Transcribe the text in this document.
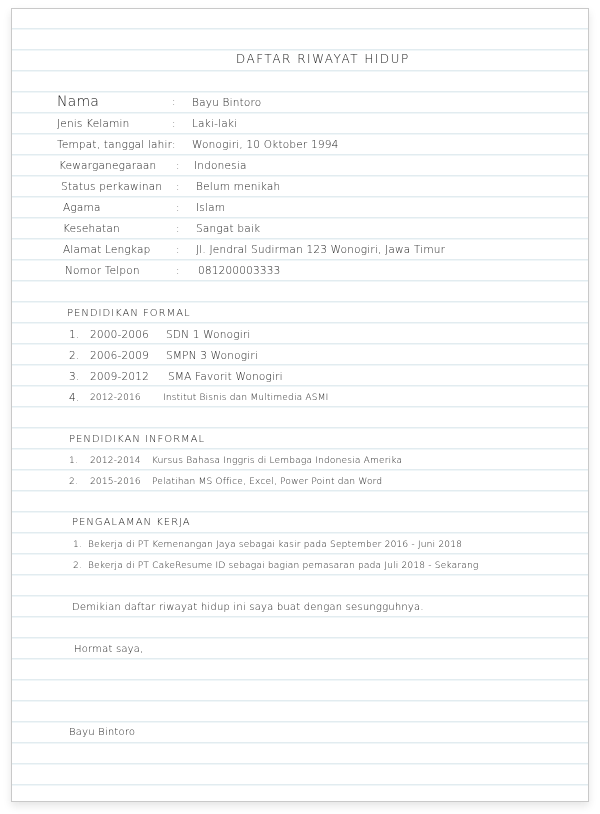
DAFTAR RIWAYAT HIDUP
Nama	: Bayu Bintoro
Jenis Kelamin	: Laki-laki
Tempat, tanggal lahir : Wonogiri, 10 Oktober 1994
Kewarganegaraan : Indonesia
Status perkawinan : Belum menikah
Agama	: Islam
Kesehatan	: Sangat baik
Alamat Lengkap : Jl. Jendral Sudirman 123 Wonogiri, Jawa Timur
Nomor Telpon	: 081200003333
PENDIDIKAN FORMAL
1. 2000-2006 SDN 1 Wonogiri
2. 2006-2009 SMPN 3 Wonogiri
3. 2009-2012 SMA Favorit Wonogiri
4. 2012-2016 Institut Bisnis dan Multimedia ASMI
PENDIDIKAN INFORMAL
1. 2012-2014 Kursus Bahasa Inggris di Lembaga Indonesia Amerika
2. 2015-2016 Pelatihan MS Office, Excel, Power Point dan Word
PENGALAMAN KERJA
1. Bekerja di PT Kemenangan Jaya sebagai kasir pada September 2016 - Juni 2018
2. Bekerja di PT CakeResume ID sebagai bagian pemasaran pada Juli 2018 - Sekarang
Demikian daftar riwayat hidup ini saya buat dengan sesungguhnya.
Hormat saya,
Bayu Bintoro
